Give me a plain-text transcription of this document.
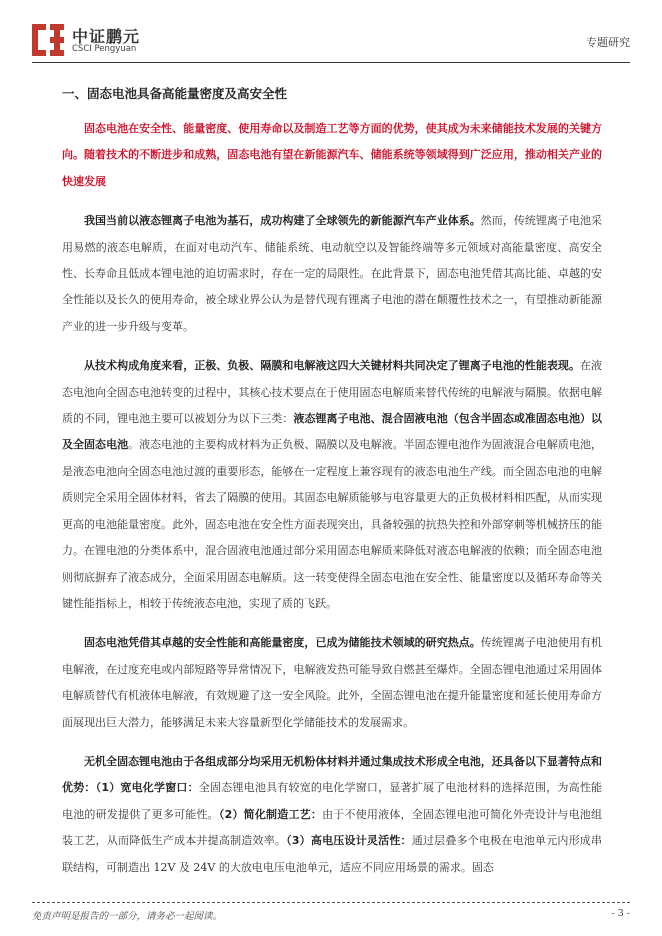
中证鹏元
CSCI Pengyuan	专题研究
一、固态电池具备高能量密度及高安全性

固态电池在安全性、能量密度、使用寿命以及制造工艺等方面的优势，使其成为未来储能技术发展的关键方向。随着技术的不断进步和成熟，固态电池有望在新能源汽车、储能系统等领域得到广泛应用，推动相关产业的快速发展

我国当前以液态锂离子电池为基石，成功构建了全球领先的新能源汽车产业体系。然而，传统锂离子电池采用易燃的液态电解质，在面对电动汽车、储能系统、电动航空以及智能终端等多元领域对高能量密度、高安全性、长寿命且低成本锂电池的迫切需求时，存在一定的局限性。在此背景下，固态电池凭借其高比能、卓越的安全性能以及长久的使用寿命，被全球业界公认为是替代现有锂离子电池的潜在颠覆性技术之一，有望推动新能源产业的进一步升级与变革。

从技术构成角度来看，正极、负极、隔膜和电解液这四大关键材料共同决定了锂离子电池的性能表现。在液态电池向全固态电池转变的过程中，其核心技术要点在于使用固态电解质来替代传统的电解液与隔膜。依据电解质的不同，锂电池主要可以被划分为以下三类：液态锂离子电池、混合固液电池（包含半固态或准固态电池）以及全固态电池。液态电池的主要构成材料为正负极、隔膜以及电解液。半固态锂电池作为固液混合电解质电池，是液态电池向全固态电池过渡的重要形态，能够在一定程度上兼容现有的液态电池生产线。而全固态电池的电解质则完全采用全固体材料，省去了隔膜的使用。其固态电解质能够与电容量更大的正负极材料相匹配，从而实现更高的电池能量密度。此外，固态电池在安全性方面表现突出，具备较强的抗热失控和外部穿刺等机械挤压的能力。在锂电池的分类体系中，混合固液电池通过部分采用固态电解质来降低对液态电解液的依赖；而全固态电池则彻底摒弃了液态成分，全面采用固态电解质。这一转变使得全固态电池在安全性、能量密度以及循环寿命等关键性能指标上，相较于传统液态电池，实现了质的飞跃。

固态电池凭借其卓越的安全性能和高能量密度，已成为储能技术领域的研究热点。传统锂离子电池使用有机电解液，在过度充电或内部短路等异常情况下，电解液发热可能导致自燃甚至爆炸。全固态锂电池通过采用固体电解质替代有机液体电解液，有效规避了这一安全风险。此外，全固态锂电池在提升能量密度和延长使用寿命方面展现出巨大潜力，能够满足未来大容量新型化学储能技术的发展需求。

无机全固态锂电池由于各组成部分均采用无机粉体材料并通过集成技术形成全电池，还具备以下显著特点和优势：（1）宽电化学窗口：全固态锂电池具有较宽的电化学窗口，显著扩展了电池材料的选择范围，为高性能电池的研发提供了更多可能性。（2）简化制造工艺：由于不使用液体，全固态锂电池可简化外壳设计与电池组装工艺，从而降低生产成本并提高制造效率。（3）高电压设计灵活性：通过层叠多个电极在电池单元内形成串联结构，可制造出 12V 及 24V 的大放电电压电池单元，适应不同应用场景的需求。固态

免责声明是报告的一部分，请务必一起阅读。	- 3 -
